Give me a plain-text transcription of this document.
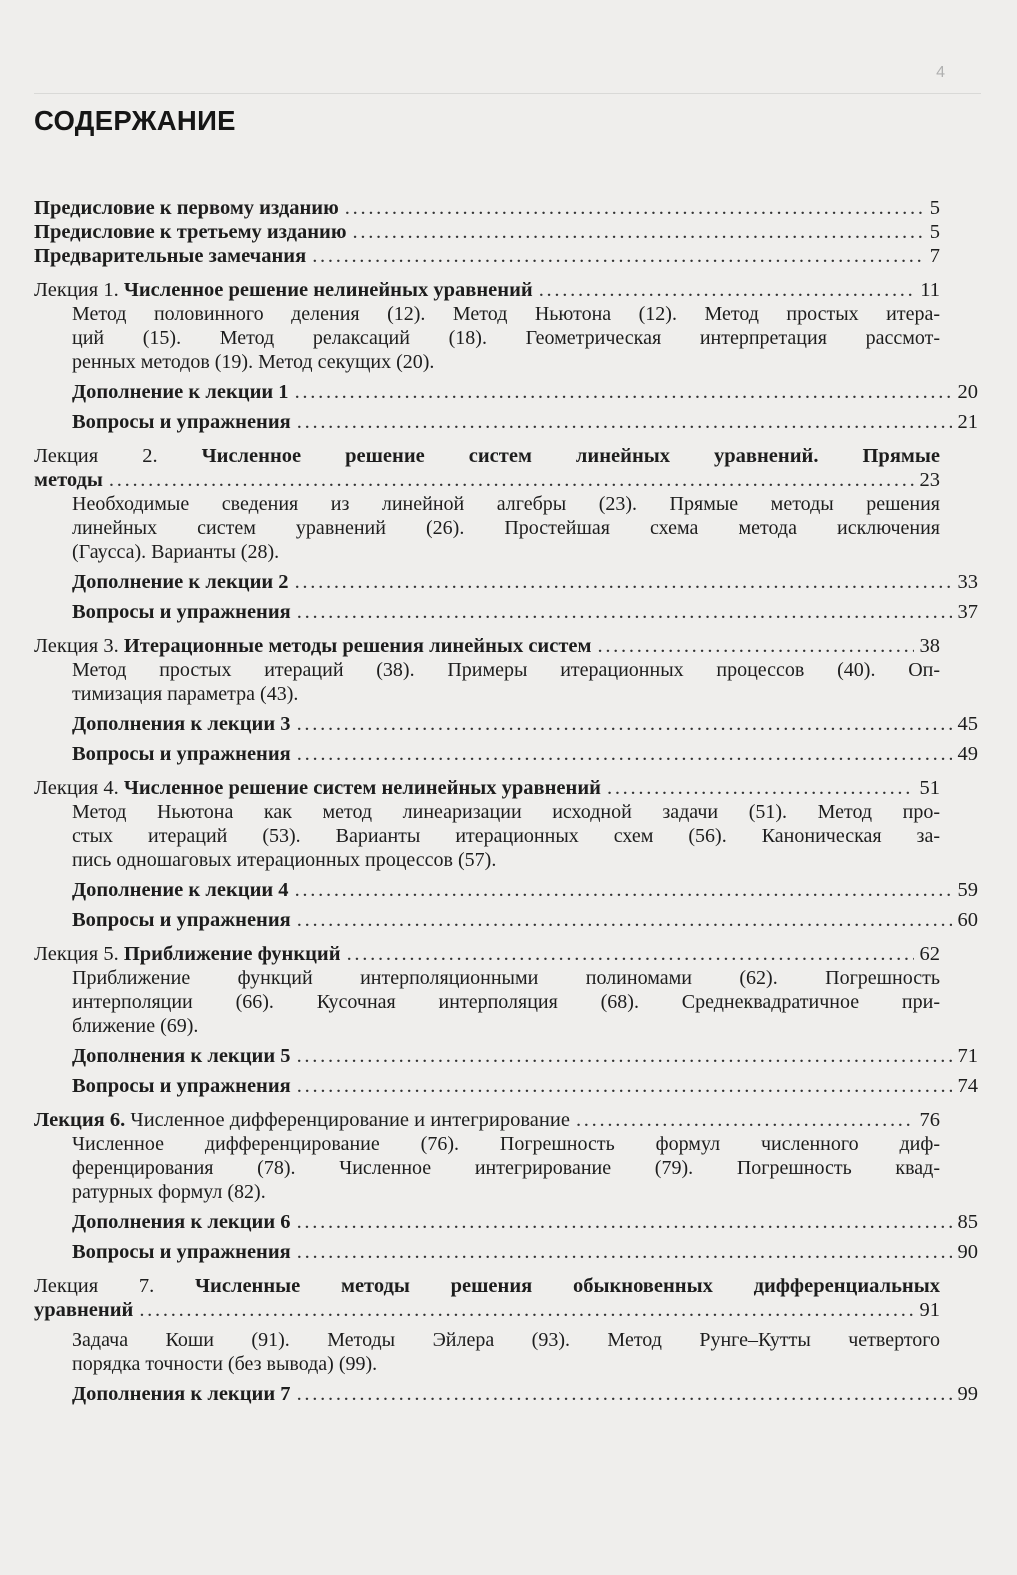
4
СОДЕРЖАНИЕ
Предисловие к первому изданию . . .	5
Предисловие к третьему изданию . . .	5
Предварительные замечания . . .	7
Лекция 1. Численное решение нелинейных уравнений . . .	11
Метод половинного деления (12). Метод Ньютона (12). Метод простых итера-
ций (15). Метод релаксаций (18). Геометрическая интерпретация рассмот-
ренных методов (19). Метод секущих (20).
Дополнение к лекции 1 . . .	20
Вопросы и упражнения . . .	21
Лекция 2. Численное решение систем линейных уравнений. Прямые
методы . . .	23
Необходимые сведения из линейной алгебры (23). Прямые методы решения
линейных систем уравнений (26). Простейшая схема метода исключения
(Гаусса). Варианты (28).
Дополнение к лекции 2 . . .	33
Вопросы и упражнения . . .	37
Лекция 3. Итерационные методы решения линейных систем . . .	38
Метод простых итераций (38). Примеры итерационных процессов (40). Оп-
тимизация параметра (43).
Дополнения к лекции 3 . . .	45
Вопросы и упражнения . . .	49
Лекция 4. Численное решение систем нелинейных уравнений . . .	51
Метод Ньютона как метод линеаризации исходной задачи (51). Метод про-
стых итераций (53). Варианты итерационных схем (56). Каноническая за-
пись одношаговых итерационных процессов (57).
Дополнение к лекции 4 . . .	59
Вопросы и упражнения . . .	60
Лекция 5. Приближение функций . . .	62
Приближение функций интерполяционными полиномами (62). Погрешность
интерполяции (66). Кусочная интерполяция (68). Среднеквадратичное при-
ближение (69).
Дополнения к лекции 5 . . .	71
Вопросы и упражнения . . .	74
Лекция 6. Численное дифференцирование и интегрирование . . .	76
Численное дифференцирование (76). Погрешность формул численного диф-
ференцирования (78). Численное интегрирование (79). Погрешность квад-
ратурных формул (82).
Дополнения к лекции 6 . . .	85
Вопросы и упражнения . . .	90
Лекция 7. Численные методы решения обыкновенных дифференциальных
уравнений . . .	91
Задача Коши (91). Методы Эйлера (93). Метод Рунге–Кутты четвертого
порядка точности (без вывода) (99).
Дополнения к лекции 7 . . .	99
